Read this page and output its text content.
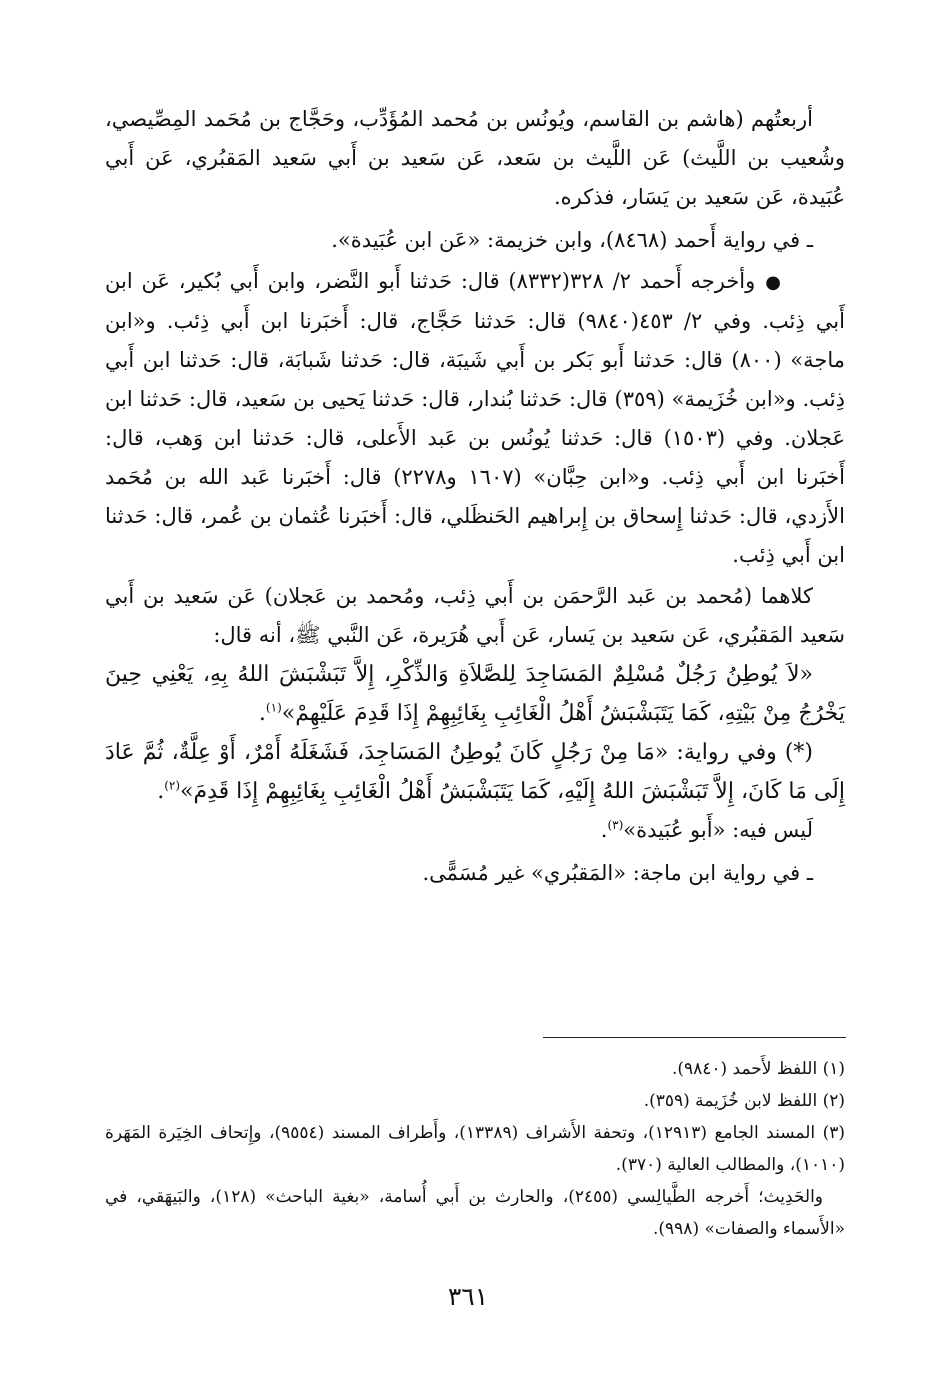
أربعتُهم (هاشم بن القاسم، ويُونُس بن مُحمد المُؤَدِّب، وحَجَّاج بن مُحَمد المِصِّيصي، وشُعيب بن اللَّيث) عَن اللَّيث بن سَعد، عَن سَعيد بن أَبي سَعيد المَقبُري، عَن أَبي عُبَيدة، عَن سَعيد بن يَسَار، فذكره.

ـ في رواية أَحمد (٨٤٦٨)، وابن خزيمة: «عَن ابن عُبَيدة».

●وأخرجه أَحمد ٢/ ٣٢٨(٨٣٣٢) قال: حَدثنا أَبو النَّضر، وابن أَبي بُكير، عَن ابن أَبي ذِئب. وفي ٢/ ٤٥٣(٩٨٤٠) قال: حَدثنا حَجَّاج، قال: أَخبَرنا ابن أَبي ذِئب. و«ابن ماجة» (٨٠٠) قال: حَدثنا أَبو بَكر بن أَبي شَيبَة، قال: حَدثنا شَبابَة، قال: حَدثنا ابن أَبي ذِئب. و«ابن خُزَيمة» (٣٥٩) قال: حَدثنا بُندار، قال: حَدثنا يَحيى بن سَعيد، قال: حَدثنا ابن عَجلان. وفي (١٥٠٣) قال: حَدثنا يُونُس بن عَبد الأَعلى، قال: حَدثنا ابن وَهب، قال: أَخبَرنا ابن أَبي ذِئب. و«ابن حِبَّان» (١٦٠٧ و٢٢٧٨) قال: أَخبَرنا عَبد الله بن مُحَمد الأَزدي، قال: حَدثنا إِسحاق بن إِبراهيم الحَنظَلي، قال: أَخبَرنا عُثمان بن عُمر، قال: حَدثنا ابن أَبي ذِئب.

كلاهما (مُحمد بن عَبد الرَّحمَن بن أَبي ذِئب، ومُحمد بن عَجلان) عَن سَعيد بن أَبي سَعيد المَقبُري، عَن سَعيد بن يَسار، عَن أَبي هُرَيرة، عَن النَّبي ﷺ، أنه قال:

«لاَ يُوطِنُ رَجُلٌ مُسْلِمٌ المَسَاجِدَ لِلصَّلاَةِ وَالذِّكْرِ، إِلاَّ تَبَشْبَشَ اللهُ بِهِ، يَعْنِي حِينَ يَخْرُجُ مِنْ بَيْتِهِ، كَمَا يَتَبَشْبَشُ أَهْلُ الْغَائِبِ بِغَائِبِهِمْ إِذَا قَدِمَ عَلَيْهِمْ»$^{(١)}$.

(*) وفي رواية: «مَا مِنْ رَجُلٍ كَانَ يُوطِنُ المَسَاجِدَ، فَشَغَلَهُ أَمْرٌ، أَوْ عِلَّةٌ، ثُمَّ عَادَ إِلَى مَا كَانَ، إِلاَّ تَبَشْبَشَ اللهُ إِلَيْهِ، كَمَا يَتَبَشْبَشُ أَهْلُ الْغَائِبِ بِغَائِبِهِمْ إِذَا قَدِمَ»$^{(٢)}$.

لَيس فيه: «أَبو عُبَيدة»$^{(٣)}$.

ـ في رواية ابن ماجة: «المَقبُري» غير مُسَمًّى.

(١) اللفظ لأَحمد (٩٨٤٠).

(٢) اللفظ لابن خُزَيمة (٣٥٩).

(٣) المسند الجامع (١٢٩١٣)، وتحفة الأَشراف (١٣٣٨٩)، وأَطراف المسند (٩٥٥٤)، وإِتحاف الخِيَرة المَهَرة (١٠١٠)، والمطالب العالية (٣٧٠).

والحَدِيث؛ أَخرجه الطَّيالِسي (٢٤٥٥)، والحارث بن أَبي أُسامة، «بغية الباحث» (١٢٨)، والبَيهَقي، في «الأَسماء والصفات» (٩٩٨).

٣٦١
